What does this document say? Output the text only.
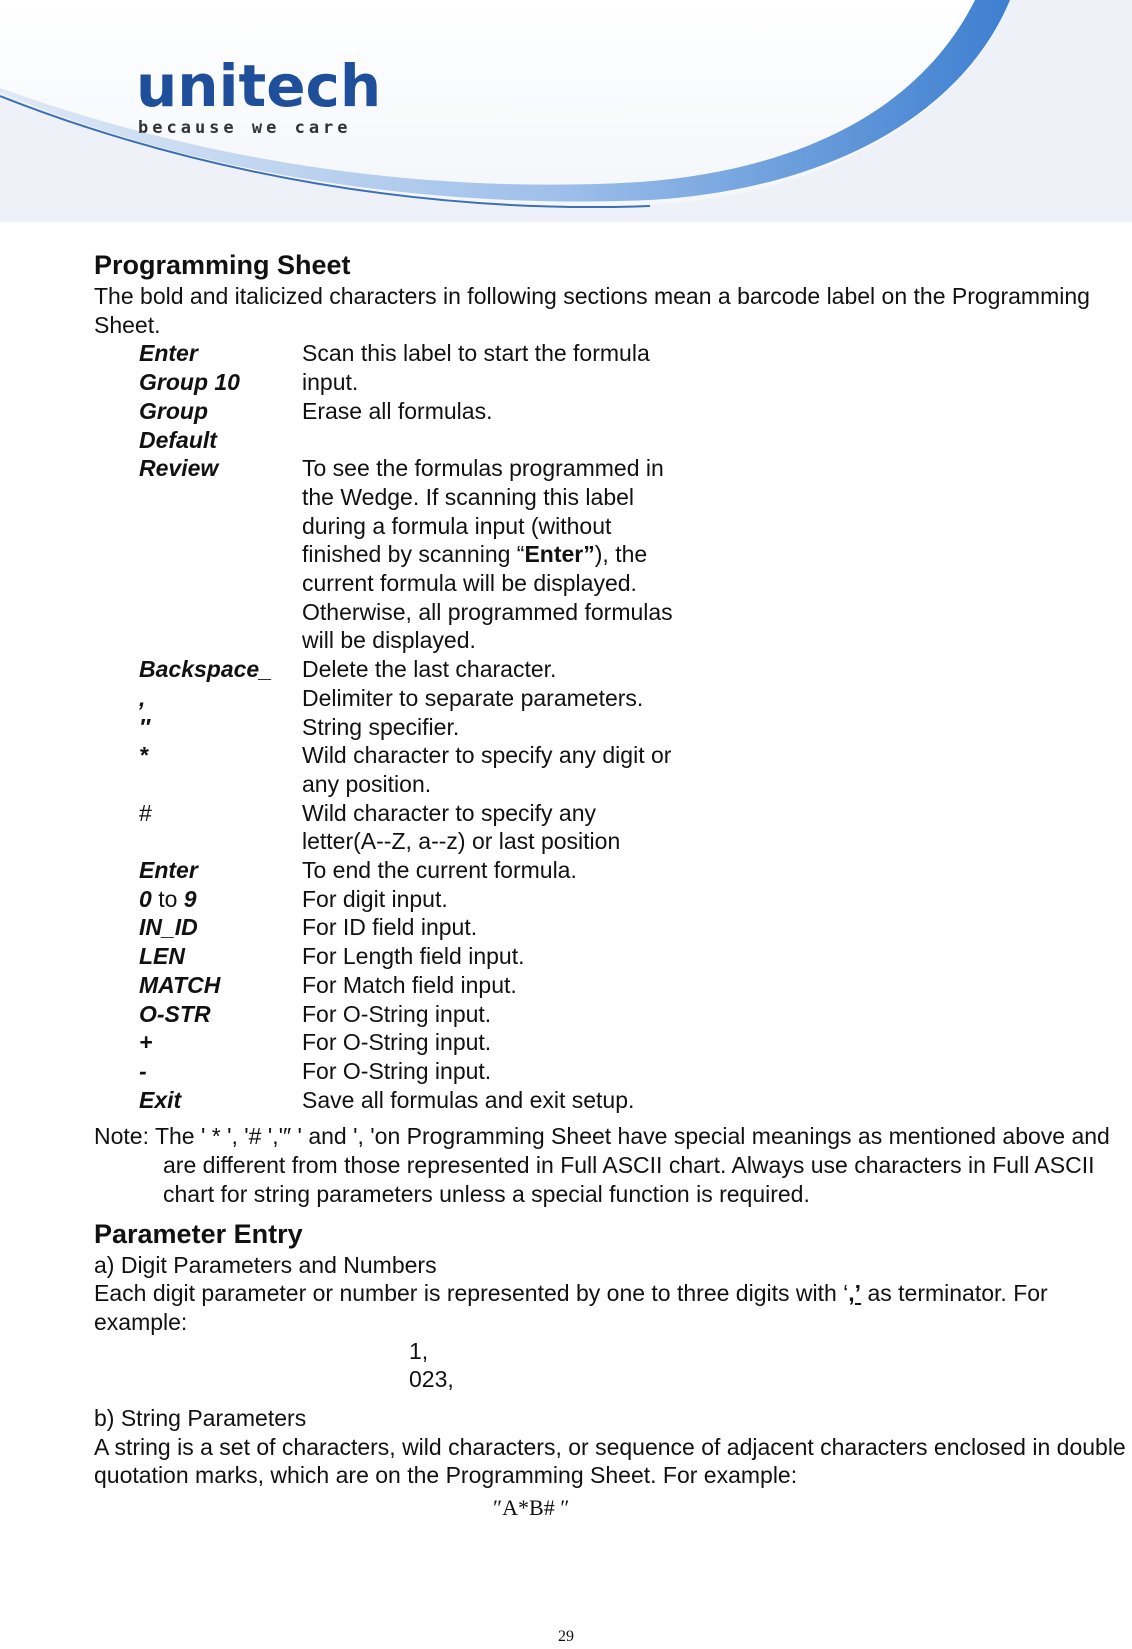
unitech
because we care
Programming Sheet

The bold and italicized characters in following sections mean a barcode label on the Programming Sheet.

Enter	Scan this label to start the formula
Group 10	input.
Group	Erase all formulas.
Default
Review	To see the formulas programmed in
the Wedge. If scanning this label
during a formula input (without
finished by scanning “Enter”), the
current formula will be displayed.
Otherwise, all programmed formulas
will be displayed.
Backspace_	Delete the last character.
,	Delimiter to separate parameters.
″	String specifier.
*	Wild character to specify any digit or
any position.
#	Wild character to specify any
letter(A--Z, a--z) or last position
Enter	To end the current formula.
0 to 9	For digit input.
IN_ID	For ID field input.
LEN	For Length field input.
MATCH	For Match field input.
O-STR	For O-String input.
+	For O-String input.
-	For O-String input.
Exit	Save all formulas and exit setup.

Note: The ' * ', '# ','″ ' and ', 'on Programming Sheet have special meanings as mentioned above and are different from those represented in Full ASCII chart. Always use characters in Full ASCII chart for string parameters unless a special function is required.

Parameter Entry

a) Digit Parameters and Numbers

Each digit parameter or number is represented by one to three digits with ‘,’ as terminator. For example:

1,

023,

b) String Parameters

A string is a set of characters, wild characters, or sequence of adjacent characters enclosed in double quotation marks, which are on the Programming Sheet. For example:

″A*B# ″

29
